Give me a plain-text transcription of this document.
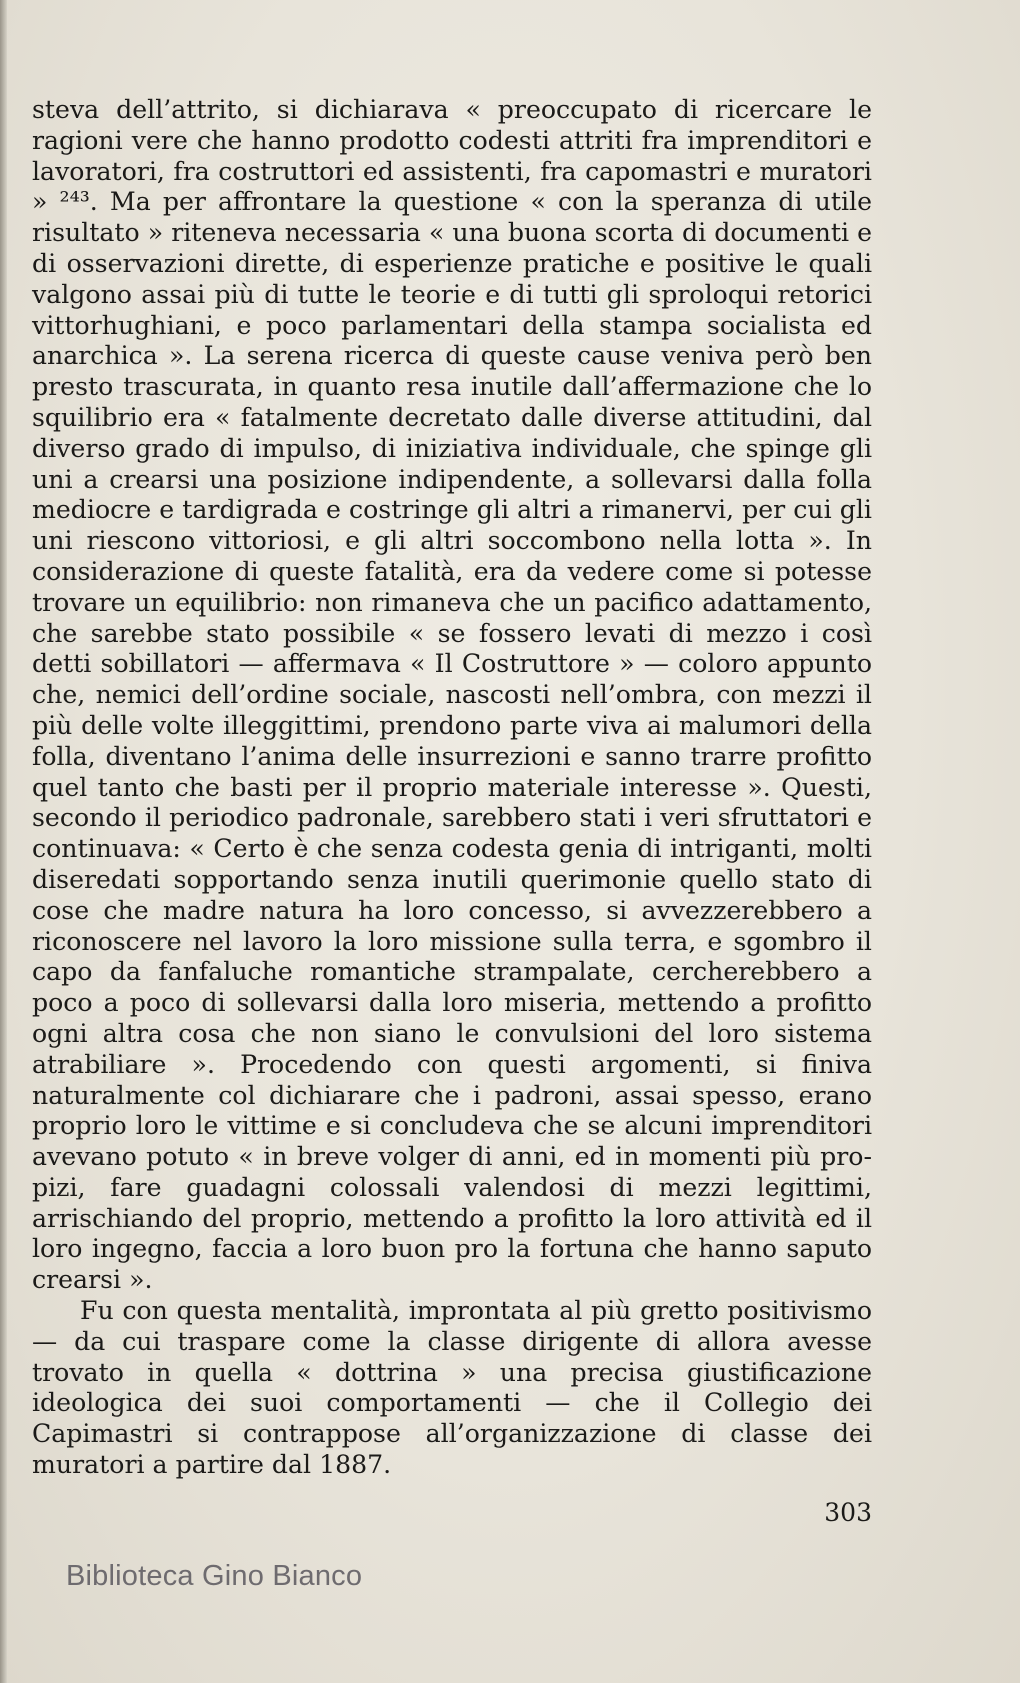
steva dell’attrito, si dichiarava « preoccupato di ricercare le ragioni vere che hanno prodotto codesti attriti fra imprenditori e lavoratori, fra costruttori ed assistenti, fra capomastri e muratori » ²⁴³. Ma per affrontare la questione « con la speranza di utile risultato » riteneva necessaria « una buona scorta di documenti e di osservazioni dirette, di esperienze pratiche e positive le quali valgono assai più di tutte le teorie e di tutti gli sproloqui retorici vittorhughiani, e poco parlamentari della stampa socialista ed anarchica ». La serena ricerca di queste cause veniva però ben presto trascurata, in quanto resa inutile dall’affermazione che lo squilibrio era « fatalmente decretato dalle diverse attitudini, dal diverso grado di impulso, di iniziativa individuale, che spinge gli uni a crearsi una posizione indipendente, a sollevarsi dalla folla mediocre e tardigrada e costringe gli altri a rimanervi, per cui gli uni riescono vittoriosi, e gli altri soccombono nella lotta ». In considerazione di queste fatalità, era da vedere come si potesse trovare un equilibrio: non rimaneva che un pacifico adattamento, che sarebbe stato possibile « se fossero levati di mezzo i così detti sobillatori — affermava « Il Costruttore » — coloro appunto che, nemici dell’ordine sociale, nascosti nell’ombra, con mezzi il più delle volte illeggittimi, prendono parte viva ai malumori della folla, diventano l’anima delle insurrezioni e sanno trarre profitto quel tanto che basti per il proprio materiale interesse ». Questi, secondo il periodico padronale, sarebbero stati i veri sfruttatori e continuava: « Certo è che senza codesta genia di intriganti, molti diseredati sopportando senza inutili querimonie quello stato di cose che madre natura ha loro concesso, si avvezzerebbero a riconoscere nel lavoro la loro missione sulla terra, e sgombro il capo da fanfaluche romantiche strampalate, cercherebbero a poco a poco di sollevarsi dalla loro miseria, mettendo a profitto ogni altra cosa che non siano le convulsioni del loro sistema atrabiliare ». Procedendo con questi argomenti, si finiva naturalmente col dichiarare che i padroni, assai spesso, erano proprio loro le vittime e si concludeva che se alcuni imprenditori avevano potuto « in breve volger di anni, ed in momenti più propizi, fare guadagni colossali valendosi di mezzi legittimi, arrischiando del proprio, mettendo a profitto la loro attività ed il loro ingegno, faccia a loro buon pro la fortuna che hanno saputo crearsi ».

Fu con questa mentalità, improntata al più gretto positivismo — da cui traspare come la classe dirigente di allora avesse trovato in quella « dottrina » una precisa giustificazione ideologica dei suoi comportamenti — che il Collegio dei Capimastri si contrappose all’organizzazione di classe dei muratori a partire dal 1887.

303
Biblioteca Gino Bianco
